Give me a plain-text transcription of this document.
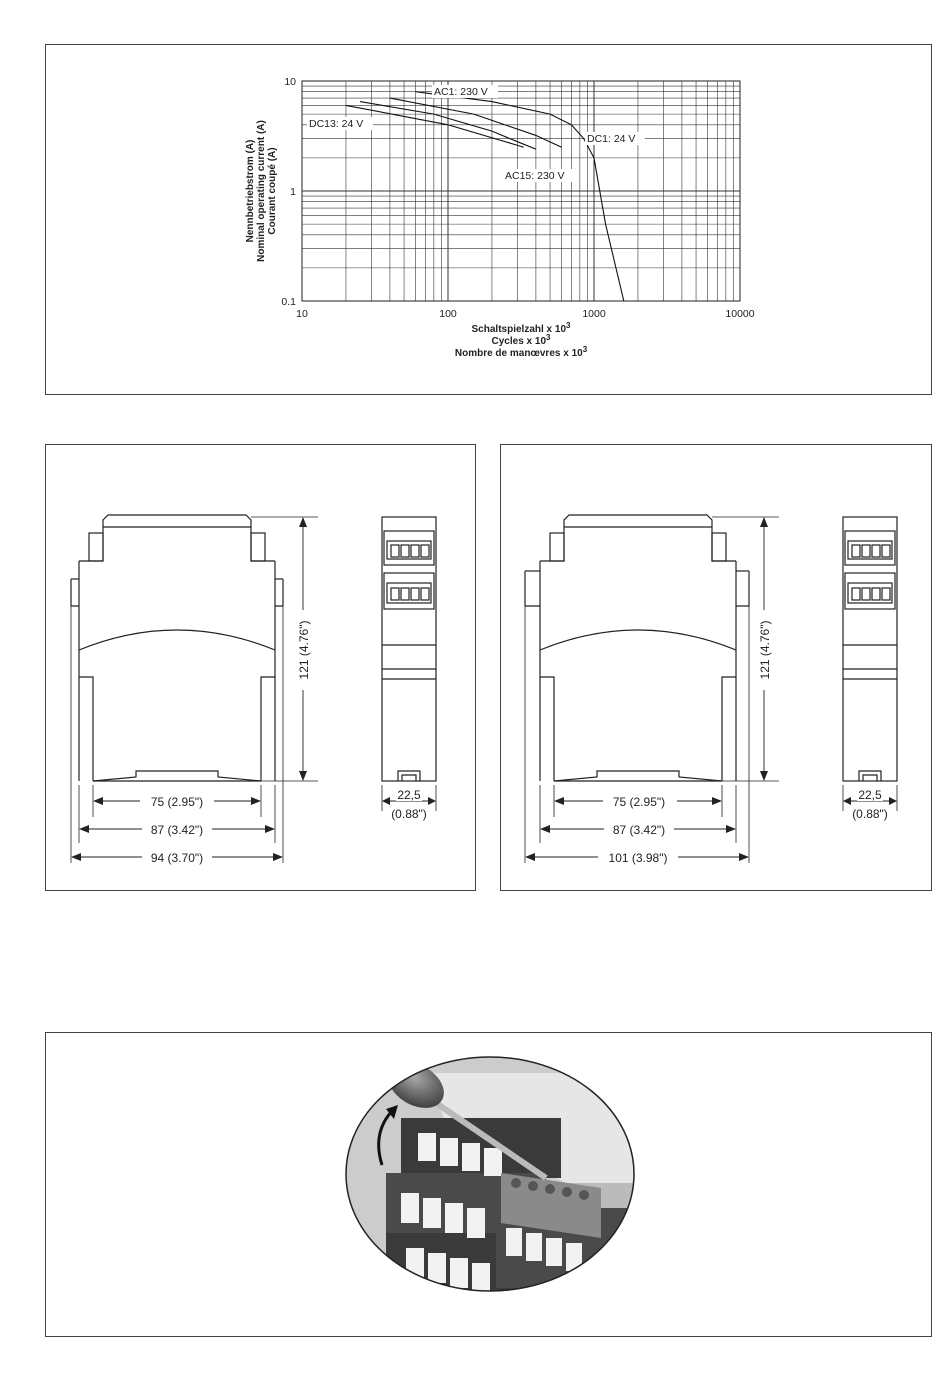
AC1: 230 V
DC1: 24 V
DC13: 24 V
AC15: 230 V
10	100	1000	10000
10
1
0.1
Nennbetriebstrom (A) Nominal operating current (A) Courant coupé (A)
Schaltspielzahl x $10^3$
Cycles x $10^3$
Nombre de manœvres x $10^3$
121 (4.76")
75 (2.95")
87 (3.42")
94 (3.70")
22,5
(0.88")
121 (4.76")
75 (2.95")
87 (3.42")
101 (3.98")
22,5
(0.88")
